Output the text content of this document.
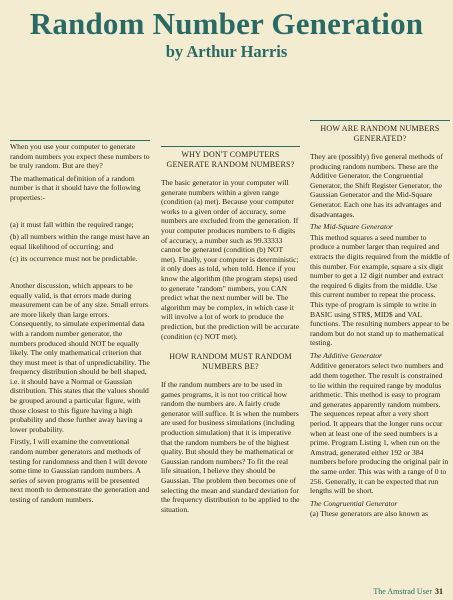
Random Number Generation
by Arthur Harris

When you use your computer to generate random numbers you expect these numbers to be truly random. But are they?

The mathematical definition of a random number is that it should have the following properties:-

(a) it must fall within the required range;

(b) all numbers within the range must have an equal likelihood of occurring; and

(c) its occurrence must not be predictable.

Another discussion, which appears to be equally valid, is that errors made during measurement can be of any size. Small errors are more likely than large errors. Consequently, to simulate experimental data with a random number generator, the numbers produced should NOT be equally likely. The only mathematical criterion that they must meet is that of unpredictability. The frequency distribution should be bell shaped, i.e. it should have a Normal or Gaussian distribution. This states that the values should be grouped around a particular figure, with those closest to this figure having a high probability and those further away having a lower probability.

Firstly, I will examine the conventional random number generators and methods of testing for randomness and then I will devote some time to Gaussian random numbers. A series of seven programs will be presented next month to demonstrate the generation and testing of random numbers.

WHY DON'T COMPUTERS GENERATE RANDOM NUMBERS?

The basic generator in your computer will generate numbers within a given range (condition (a) met). Because your computer works to a given order of accuracy, some numbers are excluded from the generation. If your computer produces numbers to 6 digits of accuracy, a number such as 99.33333 cannot be generated (condition (b) NOT met). Finally, your computer is deterministic; it only does as told, when told. Hence if you know the algorithm (the program steps) used to generate "random" numbers, you CAN predict what the next number will be. The algorithm may be complex, in which case it will involve a lot of work to produce the prediction, but the prediction will be accurate (condition (c) NOT met).

HOW RANDOM MUST RANDOM NUMBERS BE?

If the random numbers are to be used in games programs, it is not too critical how random the numbers are. A fairly crude generator will suffice. It is when the numbers are used for business simulations (including production simulation) that it is imperative that the random numbers be of the highest quality. But should they be mathematical or Gaussian random numbers? To fit the real life situation, I believe they should be Gaussian. The problem then becomes one of selecting the mean and standard deviation for the frequency distribution to be applied to the situation.

HOW ARE RANDOM NUMBERS GENERATED?

They are (possibly) five general methods of producing random numbers. These are the Additive Generator, the Congruential Generator, the Shift Register Generator, the Gaussian Generator and the Mid-Square Generator. Each one has its advantages and disadvantages.

The Mid-Square Generator

This method squares a seed number to produce a number larger than required and extracts the digits required from the middle of this number. For example, square a six digit number to get a 12 digit number and extract the required 6 digits from the middle. Use this current number to repeat the process. This type of program is simple to write in BASIC using STR$, MID$ and VAL functions. The resulting numbers appear to be random but do not stand up to mathematical testing.

The Additive Generator

Additive generators select two numbers and add them together. The result is constrained to lie within the required range by modulus arithmetic. This method is easy to program and generates apparently random numbers. The sequences repeat after a very short period. It appears that the longer runs occur when at least one of the seed numbers is a prime. Program Listing 1, when run on the Amstrad, generated either 192 or 384 numbers before producing the original pair in the same order. This was with a range of 0 to 256. Generally, it can be expected that run lengths will be short.

The Congruential Generator

(a) These generators are also known as

The Amstrad User 31
